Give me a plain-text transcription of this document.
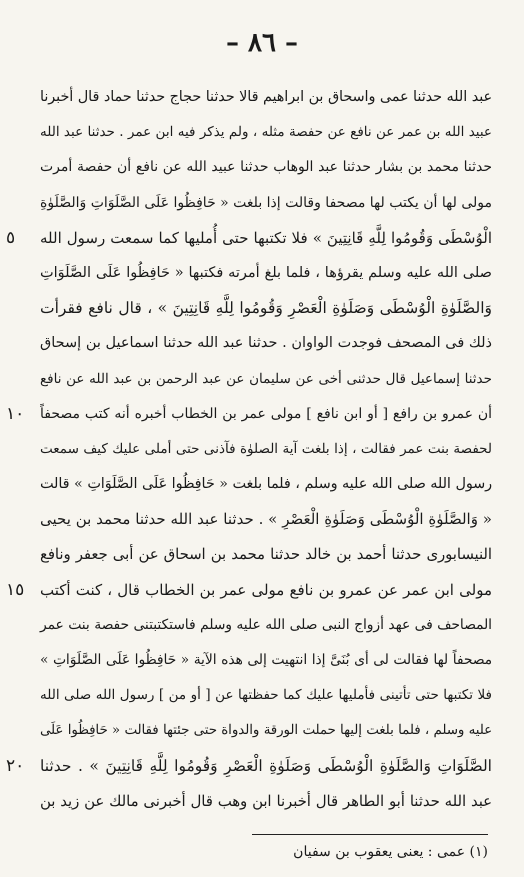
– ٨٦ –
عبد الله حدثنا عمى واسحاق بن ابراهيم قالا حدثنا حجاج حدثنا حماد قال أخبرنا
عبيد الله بن عمر عن نافع عن حفصة مثله ، ولم يذكر فيه ابن عمر . حدثنا عبد الله
حدثنا محمد بن بشار حدثنا عبد الوهاب حدثنا عبيد الله عن نافع أن حفصة أمرت
مولى لها أن يكتب لها مصحفا وقالت إذا بلغت « حَافِظُوا عَلَى الصَّلَوَاتِ وَالصَّلَوٰةِ
الْوُسْطَى وَقُومُوا لِلَّهِ قَانِتِينَ » فلا تكتبها حتى أُمليها كما سمعت رسول الله
٥
صلى الله عليه وسلم يقرؤها ، فلما بلغ أمرته فكتبها « حَافِظُوا عَلَى الصَّلَوَاتِ
وَالصَّلَوٰةِ الْوُسْطَى وَصَلَوٰةِ الْعَصْرِ وَقُومُوا لِلَّهِ قَانِتِينَ » ، قال نافع فقرأت
ذلك فى المصحف فوجدت الواوان . حدثنا عبد الله حدثنا اسماعيل بن إسحاق
حدثنا إسماعيل قال حدثنى أخى عن سليمان عن عبد الرحمن بن عبد الله عن نافع
أن عمرو بن رافع [ أو ابن نافع ] مولى عمر بن الخطاب أخبره أنه كتب مصحفاً
١٠
لحفصة بنت عمر فقالت ، إذا بلغت آية الصلوٰة فآذنى حتى أملى عليك كيف سمعت
رسول الله صلى الله عليه وسلم ، فلما بلغت « حَافِظُوا عَلَى الصَّلَوَاتِ » قالت
« وَالصَّلَوٰةِ الْوُسْطَى وَصَلَوٰةِ الْعَصْرِ » . حدثنا عبد الله حدثنا محمد بن يحيى
النيسابورى حدثنا أحمد بن خالد حدثنا محمد بن اسحاق عن أبى جعفر ونافع
مولى ابن عمر عن عمرو بن نافع مولى عمر بن الخطاب قال ، كنت أكتب
١٥
المصاحف فى عهد أزواج النبى صلى الله عليه وسلم فاستكتبتنى حفصة بنت عمر
مصحفاً لها فقالت لى أى بُنَىَّ إذا انتهيت إلى هذه الآية « حَافِظُوا عَلَى الصَّلَوَاتِ »
فلا تكتبها حتى تأتينى فأمليها عليك كما حفظتها عن [ أو من ] رسول الله صلى الله
عليه وسلم ، فلما بلغت إليها حملت الورقة والدواة حتى جئتها فقالت « حَافِظُوا عَلَى
الصَّلَوَاتِ وَالصَّلَوٰةِ الْوُسْطَى وَصَلَوٰةِ الْعَصْرِ وَقُومُوا لِلَّهِ قَانِتِينَ » . حدثنا
٢٠
عبد الله حدثنا أبو الطاهر قال أخبرنا ابن وهب قال أخبرنى مالك عن زيد بن
(١) عمى : يعنى يعقوب بن سفيان
